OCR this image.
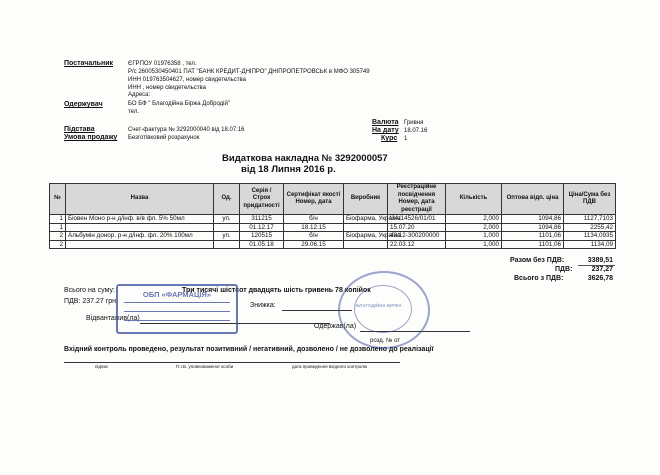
Постачальник	ЄГРПОУ 01976358 , тел.
Р/с 2600530450401 ПАТ "БАНК КРЕДИТ-ДНІПРО" ДНІПРОПЕТРОВСЬК в МФО 305749
ИНН 019763504627, номер свидетельства
ИНН , номер свидетельства
Адреса:
Одержувач	БО БФ " Благодійна Біржа Добродій"
тел.
Підстава	Счет-фактура № 3292000040 від 18.07.16
Умова продажу Безготівковий розрахунок
Валюта Гривня
На дату 18.07.16
Курс 1
Видаткова накладна № 3292000057
від 18 Липня 2016 р.
№	Назва	Од.	Серія / Строк придатності	Сертифікат якості Номер, дата	Виробник	Реєстраційне посвідчення Номер, дата реєстрації	Кількість	Оптова відп. ціна	Ціна/Сума без ПДВ
1	Біовен Моно р-н д/інф. в/в фл. 5% 50мл	уп.	311215	б/н	Біофарма, Україна	UA/14526/01/01	2,000	1094,86	1127,7103
1			01.12.17	18.12.15		15.07.20	2,000	1094,86	2255,42
2	Альбумін донор. р-н д/інф. фл. 20% 100мл	уп.	120515	б/н	Біофарма, Україна	43/12-300200000	1,000	1101,06	1134,0935
2			01.05.18	29.06.15		22.03.12	1,000	1101,06	1134,09
Разом без ПДВ:	3389,51
ПДВ:	237,27
Всього з ПДВ:	3626,78
Всього на суму:	Три тисячі шістсот двадцять шість гривень 78 копійок
ПДВ: 237.27 грн.
Знижка:
Відвантажив(ла)
Одержав(ла)
розд. № от
Вхідний контроль проведено, результат позитивний / негативний, дозволено / не дозволено до реалізації
підпис	П.І.Б. уповноваженої особи	дата проведення вхідного контролю
ОБП «ФАРМАЦІЯ»
БЛАГОДІЙНА БІРЖА
